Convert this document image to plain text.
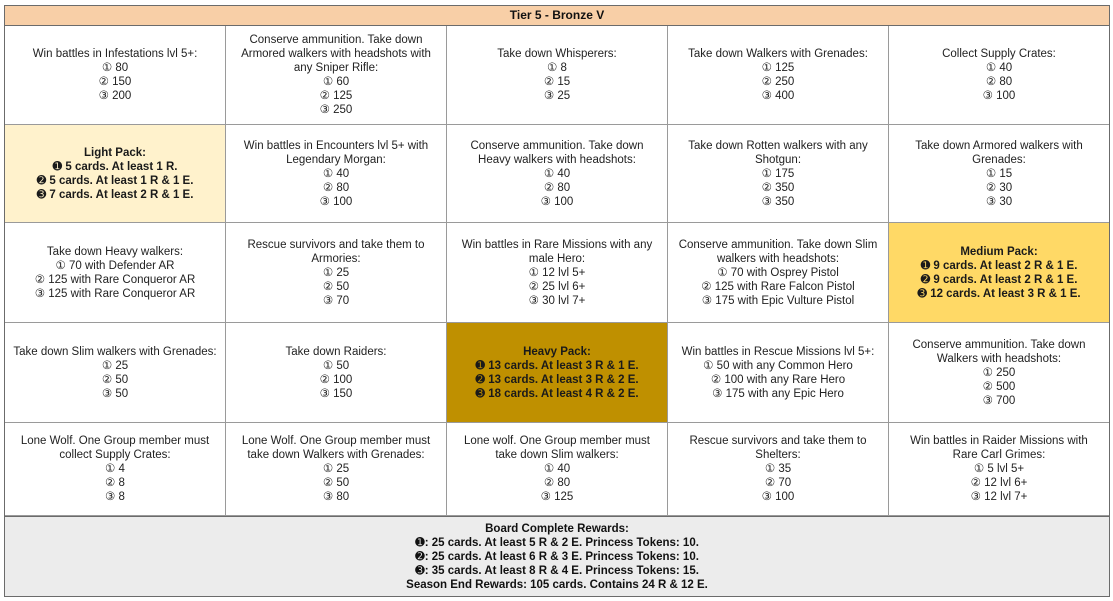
Tier 5 - Bronze V
Win battles in Infestations lvl 5+:
① 80
② 150
③ 200
Conserve ammunition. Take down Armored walkers with headshots with any Sniper Rifle:
① 60
② 125
③ 250
Take down Whisperers:
① 8
② 15
③ 25
Take down Walkers with Grenades:
① 125
② 250
③ 400
Collect Supply Crates:
① 40
② 80
③ 100
Light Pack:
➊ 5 cards. At least 1 R.
➋ 5 cards. At least 1 R & 1 E.
➌ 7 cards. At least 2 R & 1 E.
Win battles in Encounters lvl 5+ with Legendary Morgan:
① 40
② 80
③ 100
Conserve ammunition. Take down Heavy walkers with headshots:
① 40
② 80
③ 100
Take down Rotten walkers with any Shotgun:
① 175
② 350
③ 350
Take down Armored walkers with Grenades:
① 15
② 30
③ 30
Take down Heavy walkers:
① 70 with Defender AR
② 125 with Rare Conqueror AR
③ 125 with Rare Conqueror AR
Rescue survivors and take them to Armories:
① 25
② 50
③ 70
Win battles in Rare Missions with any male Hero:
① 12 lvl 5+
② 25 lvl 6+
③ 30 lvl 7+
Conserve ammunition. Take down Slim walkers with headshots:
① 70 with Osprey Pistol
② 125 with Rare Falcon Pistol
③ 175 with Epic Vulture Pistol
Medium Pack:
➊ 9 cards. At least 2 R & 1 E.
➋ 9 cards. At least 2 R & 1 E.
➌ 12 cards. At least 3 R & 1 E.
Take down Slim walkers with Grenades:
① 25
② 50
③ 50
Take down Raiders:
① 50
② 100
③ 150
Heavy Pack:
➊ 13 cards. At least 3 R & 1 E.
➋ 13 cards. At least 3 R & 2 E.
➌ 18 cards. At least 4 R & 2 E.
Win battles in Rescue Missions lvl 5+:
① 50 with any Common Hero
② 100 with any Rare Hero
③ 175 with any Epic Hero
Conserve ammunition. Take down Walkers with headshots:
① 250
② 500
③ 700
Lone Wolf. One Group member must collect Supply Crates:
① 4
② 8
③ 8
Lone Wolf. One Group member must take down Walkers with Grenades:
① 25
② 50
③ 80
Lone wolf. One Group member must take down Slim walkers:
① 40
② 80
③ 125
Rescue survivors and take them to Shelters:
① 35
② 70
③ 100
Win battles in Raider Missions with Rare Carl Grimes:
① 5 lvl 5+
② 12 lvl 6+
③ 12 lvl 7+
Board Complete Rewards:
➊: 25 cards. At least 5 R & 2 E. Princess Tokens: 10.
➋: 25 cards. At least 6 R & 3 E. Princess Tokens: 10.
➌: 35 cards. At least 8 R & 4 E. Princess Tokens: 15.
Season End Rewards: 105 cards. Contains 24 R & 12 E.
